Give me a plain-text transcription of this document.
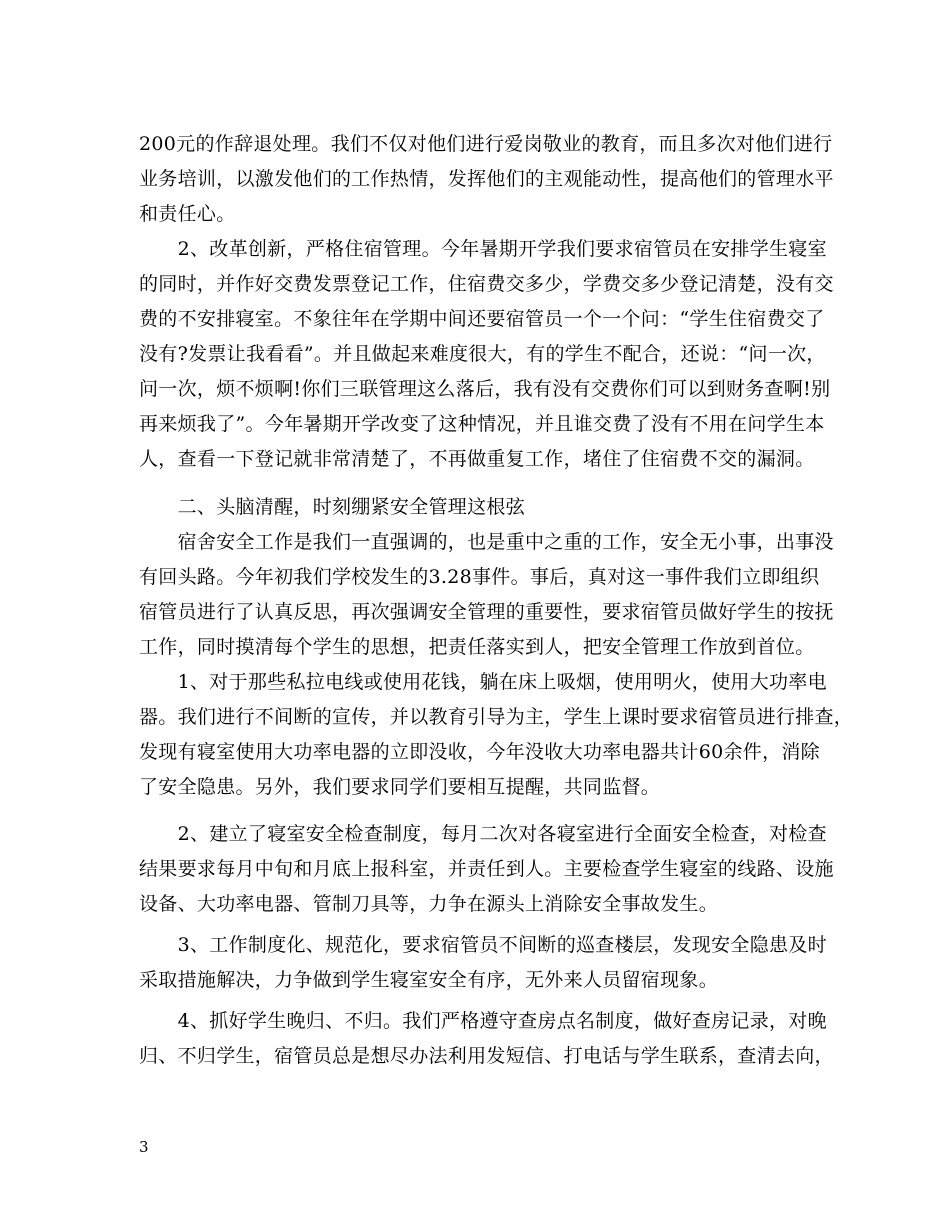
200元的作辞退处理。我们不仅对他们进行爱岗敬业的教育，而且多次对他们进行
业务培训，以激发他们的工作热情，发挥他们的主观能动性，提高他们的管理水平
和责任心。
　　2、改革创新，严格住宿管理。今年暑期开学我们要求宿管员在安排学生寝室
的同时，并作好交费发票登记工作，住宿费交多少，学费交多少登记清楚，没有交
费的不安排寝室。不象往年在学期中间还要宿管员一个一个问：“学生住宿费交了
没有?发票让我看看”。并且做起来难度很大，有的学生不配合，还说：“问一次，
问一次，烦不烦啊!你们三联管理这么落后，我有没有交费你们可以到财务查啊!别
再来烦我了”。今年暑期开学改变了这种情况，并且谁交费了没有不用在问学生本
人，查看一下登记就非常清楚了，不再做重复工作，堵住了住宿费不交的漏洞。
　　二、头脑清醒，时刻绷紧安全管理这根弦
　　宿舍安全工作是我们一直强调的，也是重中之重的工作，安全无小事，出事没
有回头路。今年初我们学校发生的3.28事件。事后，真对这一事件我们立即组织
宿管员进行了认真反思，再次强调安全管理的重要性，要求宿管员做好学生的按抚
工作，同时摸清每个学生的思想，把责任落实到人，把安全管理工作放到首位。
　　1、对于那些私拉电线或使用花钱，躺在床上吸烟，使用明火，使用大功率电
器。我们进行不间断的宣传，并以教育引导为主，学生上课时要求宿管员进行排查，
发现有寝室使用大功率电器的立即没收，今年没收大功率电器共计60余件，消除
了安全隐患。另外，我们要求同学们要相互提醒，共同监督。
　　2、建立了寝室安全检查制度，每月二次对各寝室进行全面安全检查，对检查
结果要求每月中旬和月底上报科室，并责任到人。主要检查学生寝室的线路、设施
设备、大功率电器、管制刀具等，力争在源头上消除安全事故发生。
　　3、工作制度化、规范化，要求宿管员不间断的巡查楼层，发现安全隐患及时
采取措施解决，力争做到学生寝室安全有序，无外来人员留宿现象。
　　4、抓好学生晚归、不归。我们严格遵守查房点名制度，做好查房记录，对晚
归、不归学生，宿管员总是想尽办法利用发短信、打电话与学生联系，查清去向，
3
